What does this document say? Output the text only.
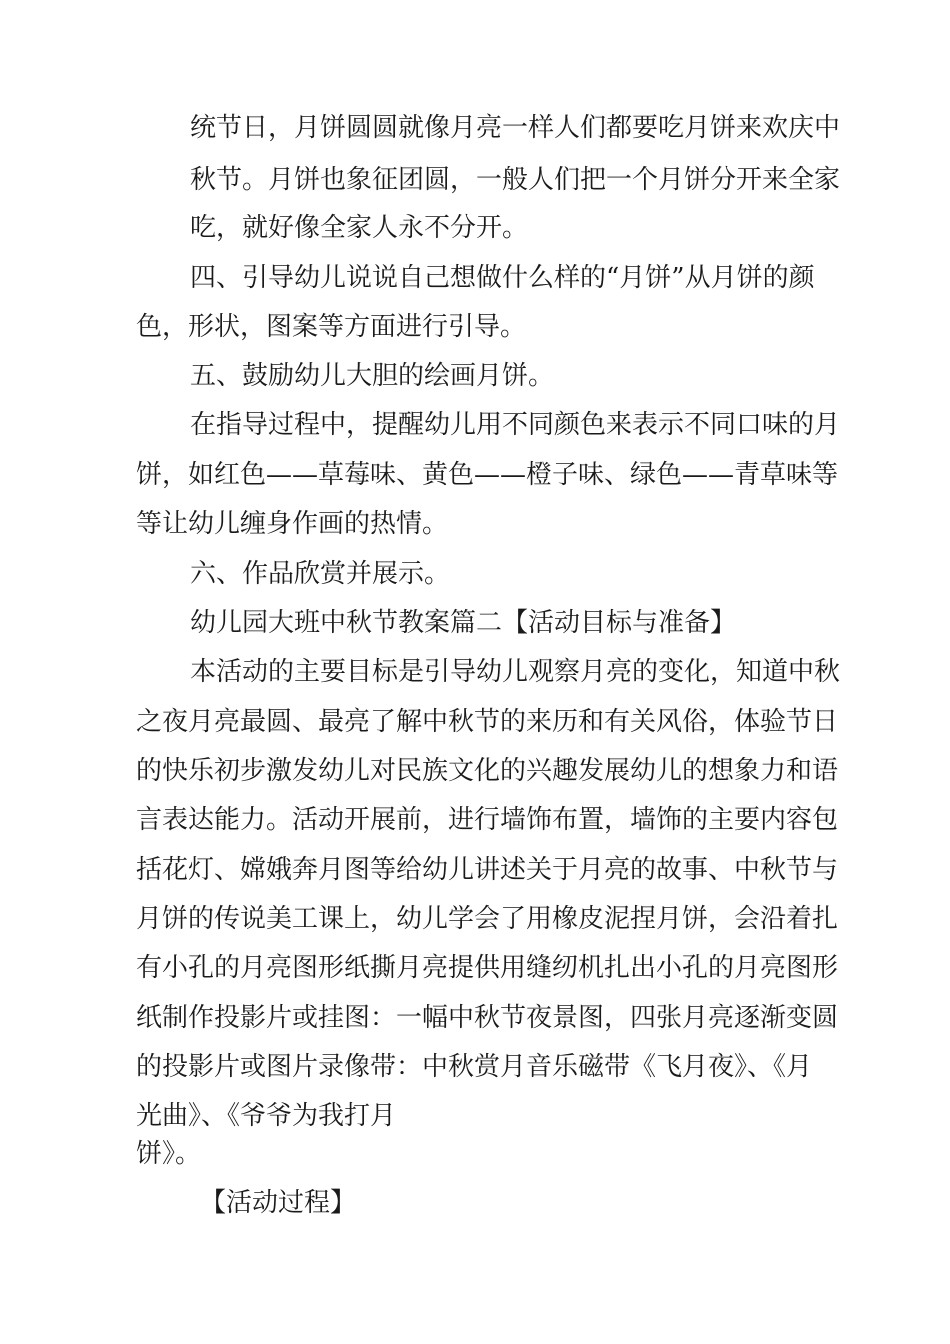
统节日，月饼圆圆就像月亮一样人们都要吃月饼来欢庆中
秋节。月饼也象征团圆，一般人们把一个月饼分开来全家
吃，就好像全家人永不分开。
四、引导幼儿说说自己想做什么样的“月饼”从月饼的颜
色，形状，图案等方面进行引导。
五、鼓励幼儿大胆的绘画月饼。
在指导过程中，提醒幼儿用不同颜色来表示不同口味的月
饼，如红色——草莓味、黄色——橙子味、绿色——青草味等
等让幼儿缠身作画的热情。
六、作品欣赏并展示。
幼儿园大班中秋节教案篇二【活动目标与准备】
本活动的主要目标是引导幼儿观察月亮的变化，知道中秋
之夜月亮最圆、最亮了解中秋节的来历和有关风俗，体验节日
的快乐初步激发幼儿对民族文化的兴趣发展幼儿的想象力和语
言表达能力。活动开展前，进行墙饰布置，墙饰的主要内容包
括花灯、嫦娥奔月图等给幼儿讲述关于月亮的故事、中秋节与
月饼的传说美工课上，幼儿学会了用橡皮泥捏月饼，会沿着扎
有小孔的月亮图形纸撕月亮提供用缝纫机扎出小孔的月亮图形
纸制作投影片或挂图：一幅中秋节夜景图，四张月亮逐渐变圆
的投影片或图片录像带：中秋赏月音乐磁带《飞月夜》、《月
光曲》、《爷爷为我打月
饼》。
【活动过程】
